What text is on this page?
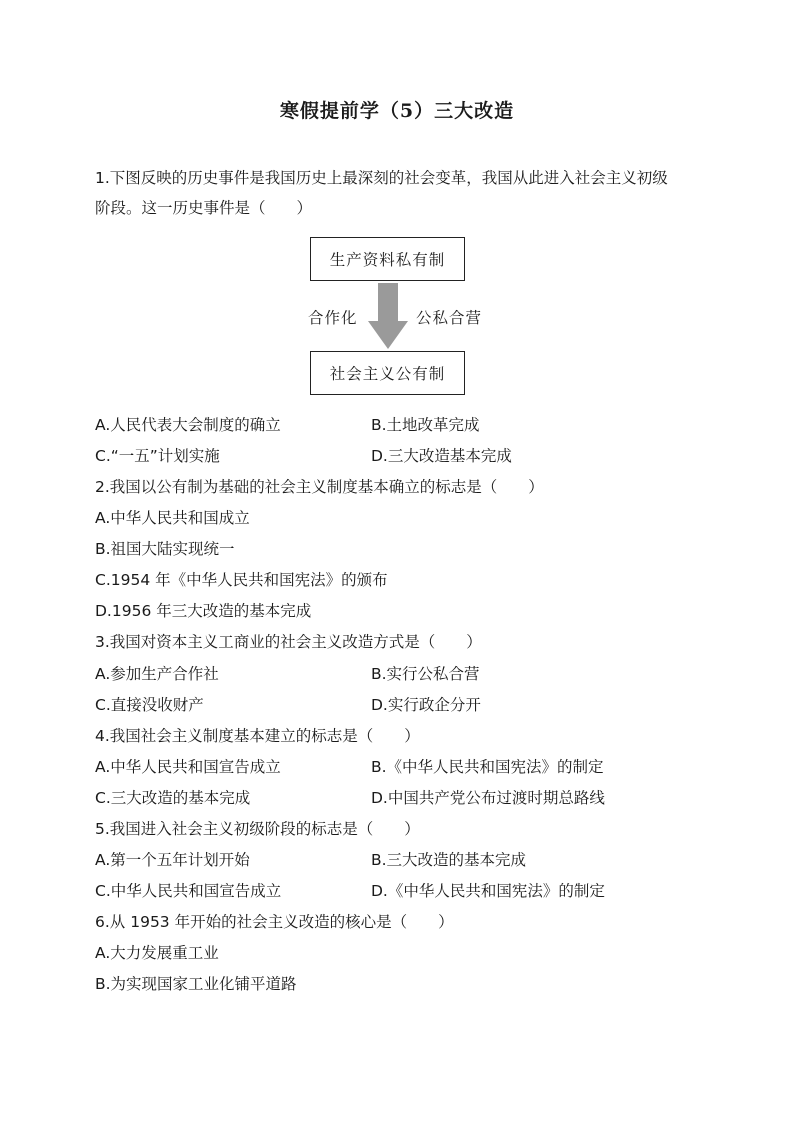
寒假提前学（5）三大改造
1.下图反映的历史事件是我国历史上最深刻的社会变革，我国从此进入社会主义初级
阶段。这一历史事件是（　　）
生产资料私有制
合作化	公私合营
社会主义公有制
A.人民代表大会制度的确立	B.土地改革完成
C.“一五”计划实施	D.三大改造基本完成
2.我国以公有制为基础的社会主义制度基本确立的标志是（　　）
A.中华人民共和国成立
B.祖国大陆实现统一
C.1954 年《中华人民共和国宪法》的颁布
D.1956 年三大改造的基本完成
3.我国对资本主义工商业的社会主义改造方式是（　　）
A.参加生产合作社	B.实行公私合营
C.直接没收财产	D.实行政企分开
4.我国社会主义制度基本建立的标志是（　　）
A.中华人民共和国宣告成立	B.《中华人民共和国宪法》的制定
C.三大改造的基本完成	D.中国共产党公布过渡时期总路线
5.我国进入社会主义初级阶段的标志是（　　）
A.第一个五年计划开始	B.三大改造的基本完成
C.中华人民共和国宣告成立	D.《中华人民共和国宪法》的制定
6.从 1953 年开始的社会主义改造的核心是（　　）
A.大力发展重工业
B.为实现国家工业化铺平道路
